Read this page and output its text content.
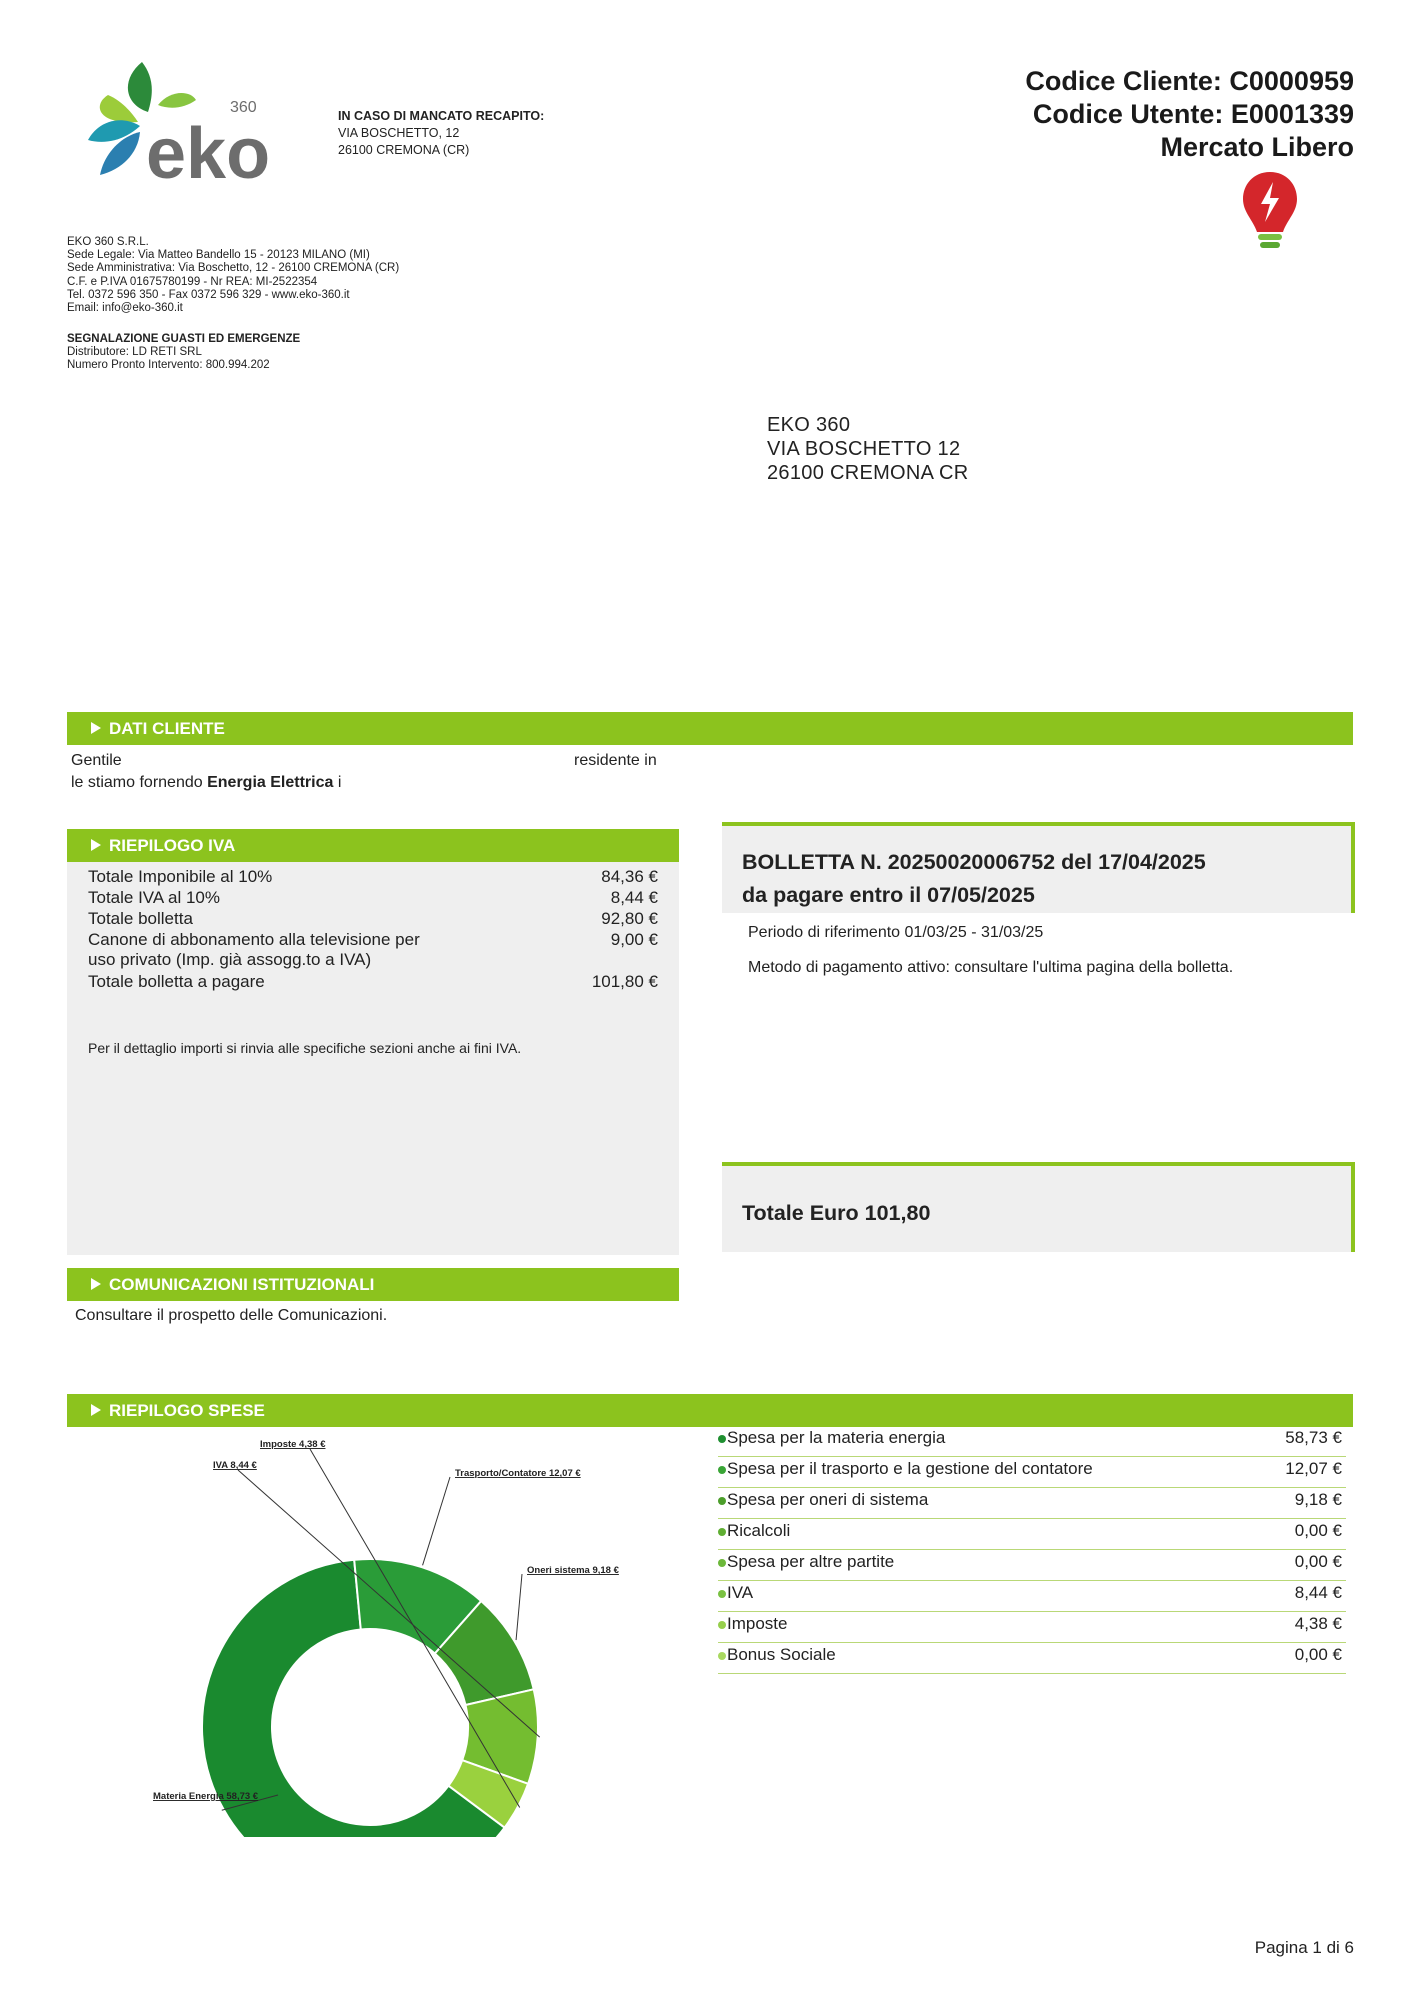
eko
360	IN CASO DI MANCATO RECAPITO:
VIA BOSCHETTO, 12
26100 CREMONA (CR)
Codice Cliente: C0000959
Codice Utente: E0001339
Mercato Libero
EKO 360 S.R.L.
Sede Legale: Via Matteo Bandello 15 - 20123 MILANO (MI)
Sede Amministrativa: Via Boschetto, 12 - 26100 CREMONA (CR)
C.F. e P.IVA 01675780199 - Nr REA: MI-2522354
Tel. 0372 596 350 - Fax 0372 596 329 - www.eko-360.it
Email: info@eko-360.it
SEGNALAZIONE GUASTI ED EMERGENZE
Distributore: LD RETI SRL
Numero Pronto Intervento: 800.994.202
EKO 360
VIA BOSCHETTO 12
26100 CREMONA CR
DATI CLIENTE
Gentile	residente in
le stiamo fornendo Energia Elettrica i
RIEPILOGO IVA
Totale Imponibile al 10%	84,36 €
Totale IVA al 10%	8,44 €
Totale bolletta	92,80 €
Canone di abbonamento alla televisione per
uso privato (Imp. già assogg.to a IVA)
9,00 €
Totale bolletta a pagare	101,80 €
Per il dettaglio importi si rinvia alle specifiche sezioni anche ai fini IVA.
BOLLETTA N. 20250020006752 del 17/04/2025
da pagare entro il 07/05/2025
Periodo di riferimento 01/03/25 - 31/03/25
Metodo di pagamento attivo: consultare l'ultima pagina della bolletta.
Totale Euro 101,80
COMUNICAZIONI ISTITUZIONALI
Consultare il prospetto delle Comunicazioni.
RIEPILOGO SPESE
Materia Energia 58,73 €
Trasporto/Contatore 12,07 €
Oneri sistema 9,18 €
IVA 8,44 €
Imposte 4,38 €	Spesa per la materia energia	58,73 €
Spesa per il trasporto e la gestione del contatore	12,07 €
Spesa per oneri di sistema	9,18 €
Ricalcoli	0,00 €
Spesa per altre partite	0,00 €
IVA	8,44 €
Imposte	4,38 €
Bonus Sociale	0,00 €
Pagina 1 di 6
